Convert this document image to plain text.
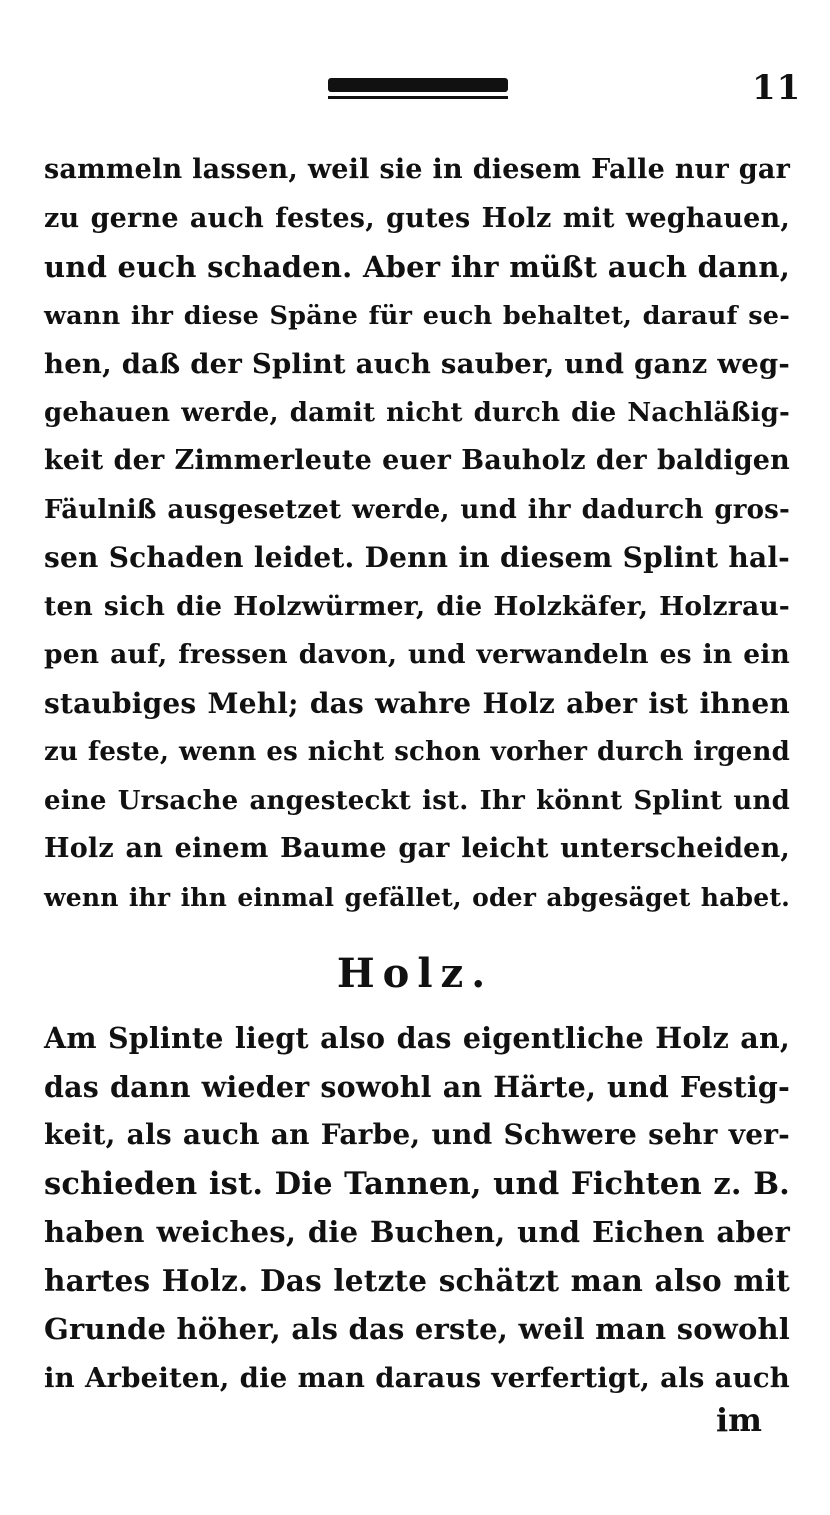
11
sammeln lassen, weil sie in diesem Falle nur gar
zu gerne auch festes, gutes Holz mit weghauen,
und euch schaden. Aber ihr müßt auch dann,
wann ihr diese Späne für euch behaltet, darauf se-
hen, daß der Splint auch sauber, und ganz weg-
gehauen werde, damit nicht durch die Nachläßig-
keit der Zimmerleute euer Bauholz der baldigen
Fäulniß ausgesetzet werde, und ihr dadurch gros-
sen Schaden leidet. Denn in diesem Splint hal-
ten sich die Holzwürmer, die Holzkäfer, Holzrau-
pen auf, fressen davon, und verwandeln es in ein
staubiges Mehl; das wahre Holz aber ist ihnen
zu feste, wenn es nicht schon vorher durch irgend
eine Ursache angesteckt ist. Ihr könnt Splint und
Holz an einem Baume gar leicht unterscheiden,
wenn ihr ihn einmal gefället, oder abgesäget habet.
Holz.
Am Splinte liegt also das eigentliche Holz an,
das dann wieder sowohl an Härte, und Festig-
keit, als auch an Farbe, und Schwere sehr ver-
schieden ist. Die Tannen, und Fichten z. B.
haben weiches, die Buchen, und Eichen aber
hartes Holz. Das letzte schätzt man also mit
Grunde höher, als das erste, weil man sowohl
in Arbeiten, die man daraus verfertigt, als auch
im
